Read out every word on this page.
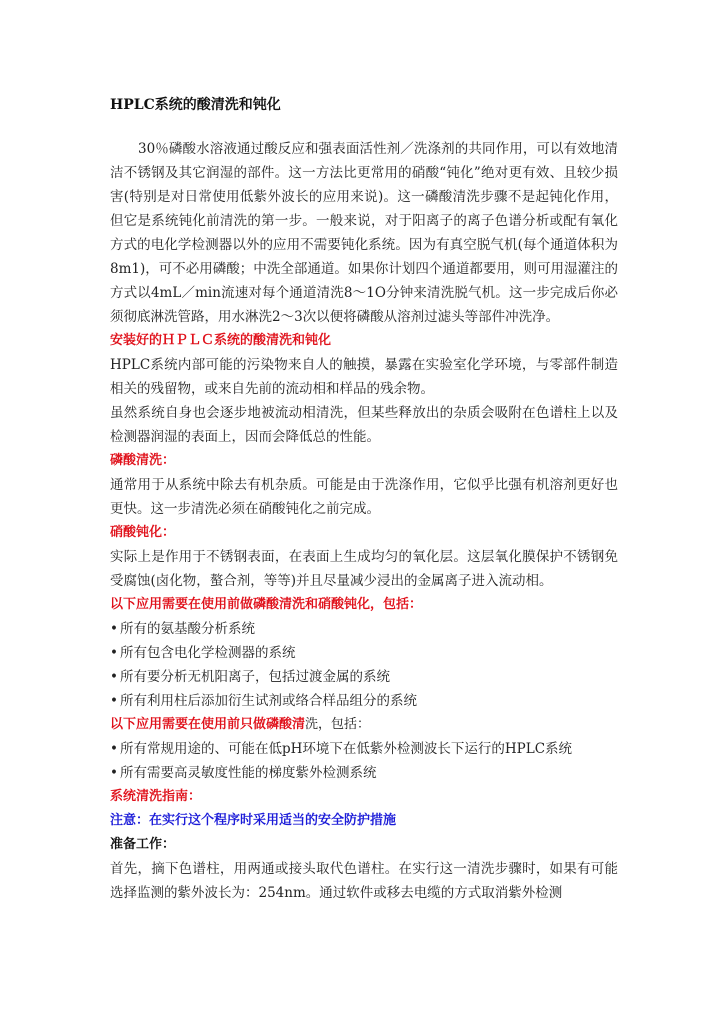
HPLC系统的酸清洗和钝化

30％磷酸水溶液通过酸反应和强表面活性剂／洗涤剂的共同作用，可以有效地清洁不锈钢及其它润湿的部件。这一方法比更常用的硝酸“钝化”绝对更有效、且较少损害(特别是对日常使用低紫外波长的应用来说)。这一磷酸清洗步骤不是起钝化作用，但它是系统钝化前清洗的第一步。一般来说，对于阳离子的离子色谱分析或配有氧化方式的电化学检测器以外的应用不需要钝化系统。因为有真空脱气机(每个通道体积为8m1)，可不必用磷酸；中洗全部通道。如果你计划四个通道都要用，则可用湿灌注的方式以4mL／min流速对每个通道清洗8～1O分钟来清洗脱气机。这一步完成后你必须彻底淋洗管路，用水淋洗2～3次以便将磷酸从溶剂过滤头等部件冲洗净。

安装好的ＨＰＬＣ系统的酸清洗和钝化

HPLC系统内部可能的污染物来自人的触摸，暴露在实验室化学环境，与零部件制造相关的残留物，或来自先前的流动相和样品的残余物。

虽然系统自身也会逐步地被流动相清洗，但某些释放出的杂质会吸附在色谱柱上以及检测器润湿的表面上，因而会降低总的性能。

磷酸清洗：

通常用于从系统中除去有机杂质。可能是由于洗涤作用，它似乎比强有机溶剂更好也更快。这一步清洗必须在硝酸钝化之前完成。

硝酸钝化：

实际上是作用于不锈钢表面，在表面上生成均匀的氧化层。这层氧化膜保护不锈钢免受腐蚀(卤化物，螯合剂，等等)并且尽量减少浸出的金属离子进入流动相。

以下应用需要在使用前做磷酸清洗和硝酸钝化，包括：

• 所有的氨基酸分析系统
• 所有包含电化学检测器的系统
• 所有要分析无机阳离子，包括过渡金属的系统
• 所有利用柱后添加衍生试剂或络合样品组分的系统

以下应用需要在使用前只做磷酸清洗，包括：

• 所有常规用途的、可能在低pH环境下在低紫外检测波长下运行的HPLC系统
• 所有需要高灵敏度性能的梯度紫外检测系统

系统清洗指南：

注意：在实行这个程序时采用适当的安全防护措施

准备工作：

首先，摘下色谱柱，用两通或接头取代色谱柱。在实行这一清洗步骤时，如果有可能选择监测的紫外波长为：254nm。通过软件或移去电缆的方式取消紫外检测
